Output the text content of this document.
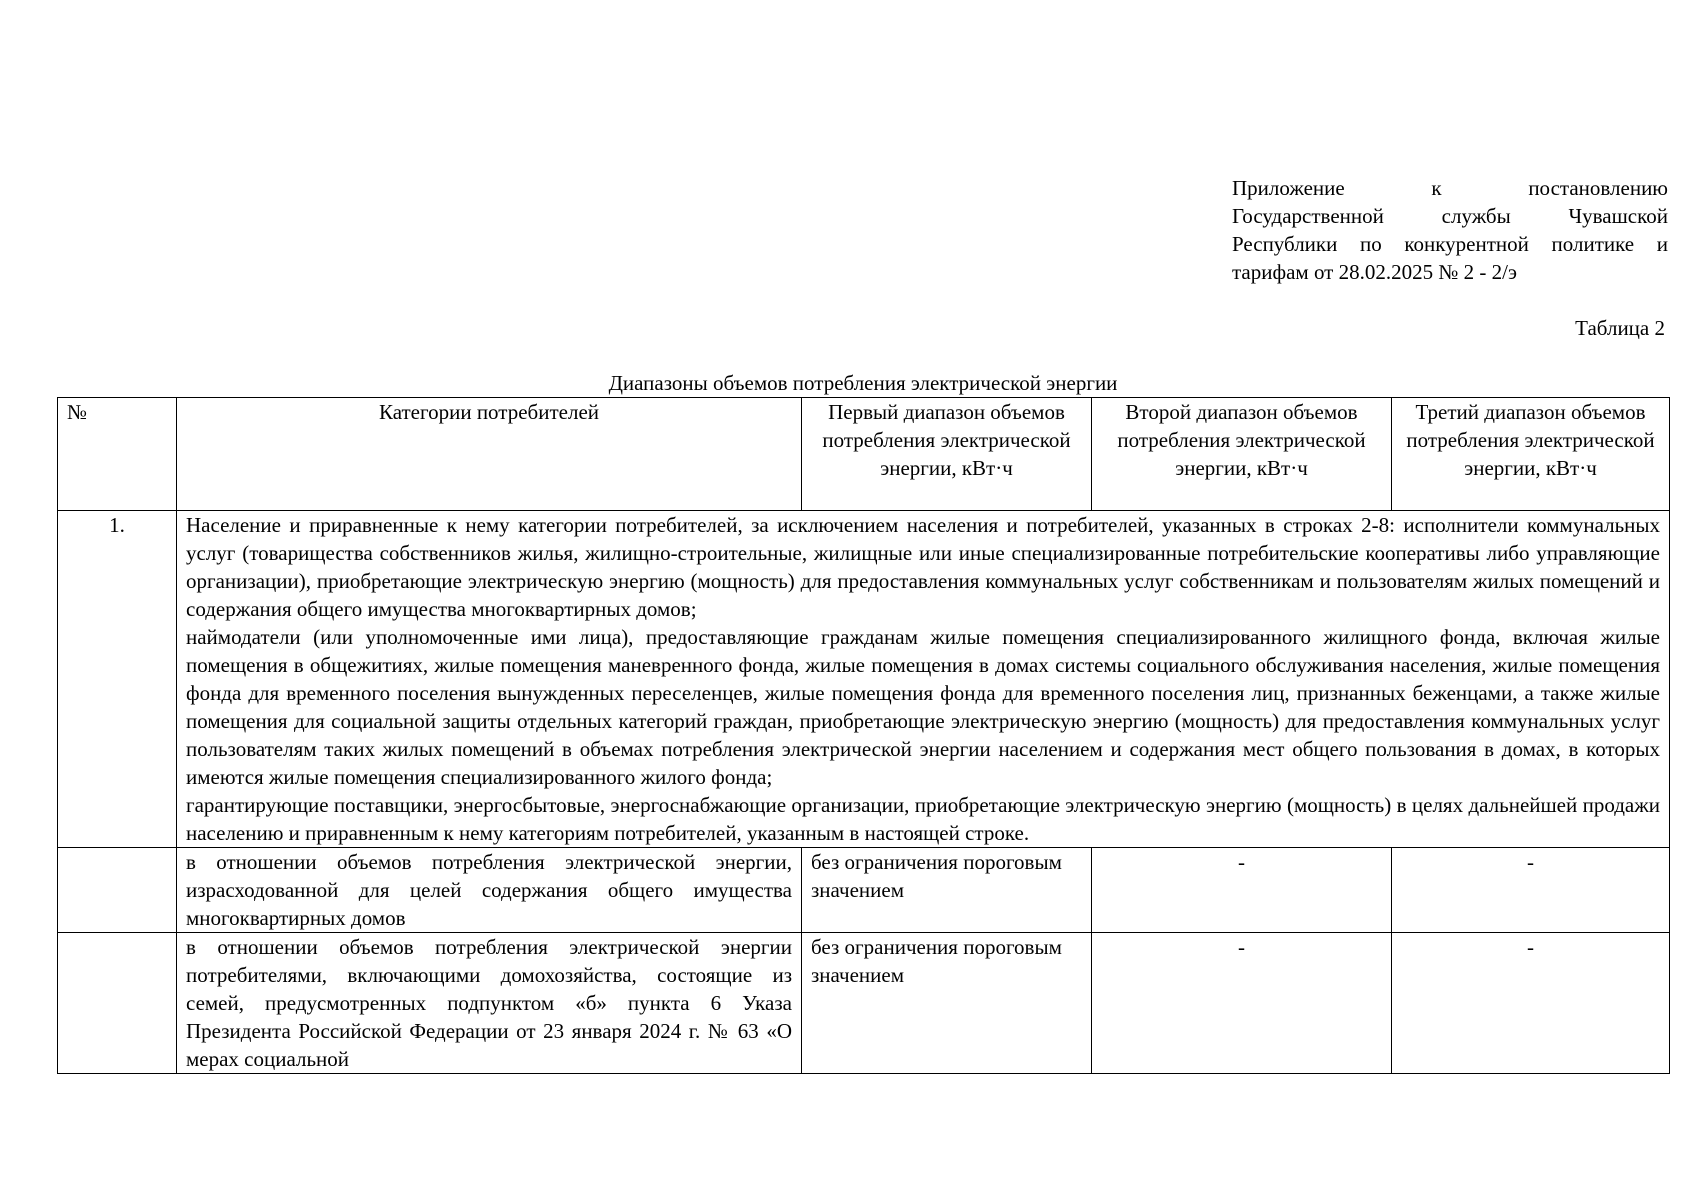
Приложение к постановлению
Государственной службы Чувашской
Республики по конкурентной политике и
тарифам от 28.02.2025 № 2 - 2/э
Таблица 2
Диапазоны объемов потребления электрической энергии
№	Категории потребителей	Первый диапазон объемов потребления электрической энергии, кВт·ч	Второй диапазон объемов потребления электрической энергии, кВт·ч	Третий диапазон объемов потребления электрической энергии, кВт·ч
1.	Население и приравненные к нему категории потребителей, за исключением населения и потребителей, указанных в строках 2-8: исполнители коммунальных услуг (товарищества собственников жилья, жилищно-строительные, жилищные или иные специализированные потребительские кооперативы либо управляющие организации), приобретающие электрическую энергию (мощность) для предоставления коммунальных услуг собственникам и пользователям жилых помещений и содержания общего имущества многоквартирных домов;

наймодатели (или уполномоченные ими лица), предоставляющие гражданам жилые помещения специализированного жилищного фонда, включая жилые помещения в общежитиях, жилые помещения маневренного фонда, жилые помещения в домах системы социального обслуживания населения, жилые помещения фонда для временного поселения вынужденных переселенцев, жилые помещения фонда для временного поселения лиц, признанных беженцами, а также жилые помещения для социальной защиты отдельных категорий граждан, приобретающие электрическую энергию (мощность) для предоставления коммунальных услуг пользователям таких жилых помещений в объемах потребления электрической энергии населением и содержания мест общего пользования в домах, в которых имеются жилые помещения специализированного жилого фонда;

гарантирующие поставщики, энергосбытовые, энергоснабжающие организации, приобретающие электрическую энергию (мощность) в целях дальнейшей продажи населению и приравненным к нему категориям потребителей, указанным в настоящей строке.			

	в отношении объемов потребления электрической энергии, израсходованной для целей содержания общего имущества многоквартирных домов	без ограничения пороговым значением	-	-
	в отношении объемов потребления электрической энергии потребителями, включающими домохозяйства, состоящие из семей, предусмотренных подпунктом «б» пункта 6 Указа Президента Российской Федерации от 23 января 2024 г. № 63 «О мерах социальной	без ограничения пороговым значением	-	-
